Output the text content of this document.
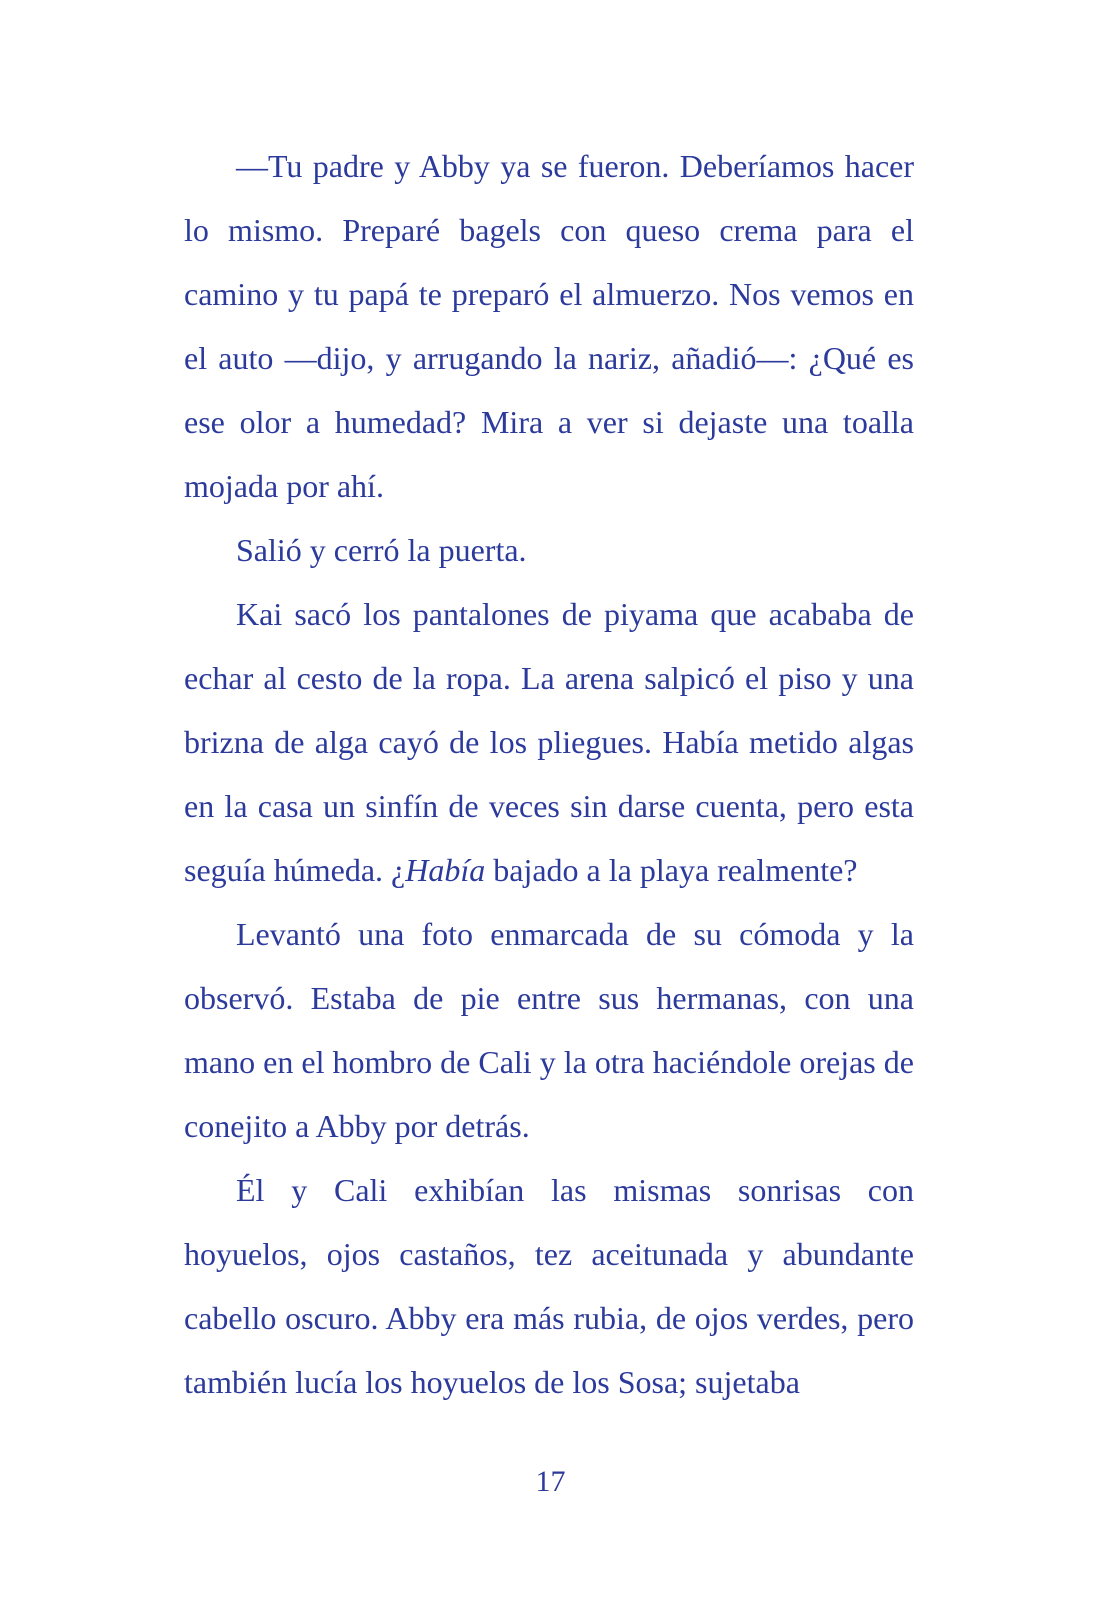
—Tu padre y Abby ya se fueron. Deberíamos hacer lo mismo. Preparé bagels con queso crema para el camino y tu papá te preparó el almuerzo. Nos vemos en el auto —dijo, y arrugando la nariz, añadió—: ¿Qué es ese olor a humedad? Mira a ver si dejaste una toalla mojada por ahí.

Salió y cerró la puerta.

Kai sacó los pantalones de piyama que acababa de echar al cesto de la ropa. La arena salpicó el piso y una brizna de alga cayó de los pliegues. Había metido algas en la casa un sinfín de veces sin darse cuenta, pero esta seguía húmeda. ¿Había bajado a la playa realmente?

Levantó una foto enmarcada de su cómoda y la observó. Estaba de pie entre sus hermanas, con una mano en el hombro de Cali y la otra haciéndole orejas de conejito a Abby por detrás.

Él y Cali exhibían las mismas sonrisas con hoyuelos, ojos castaños, tez aceitunada y abundante cabello oscuro. Abby era más rubia, de ojos verdes, pero también lucía los hoyuelos de los Sosa; sujetaba

17
